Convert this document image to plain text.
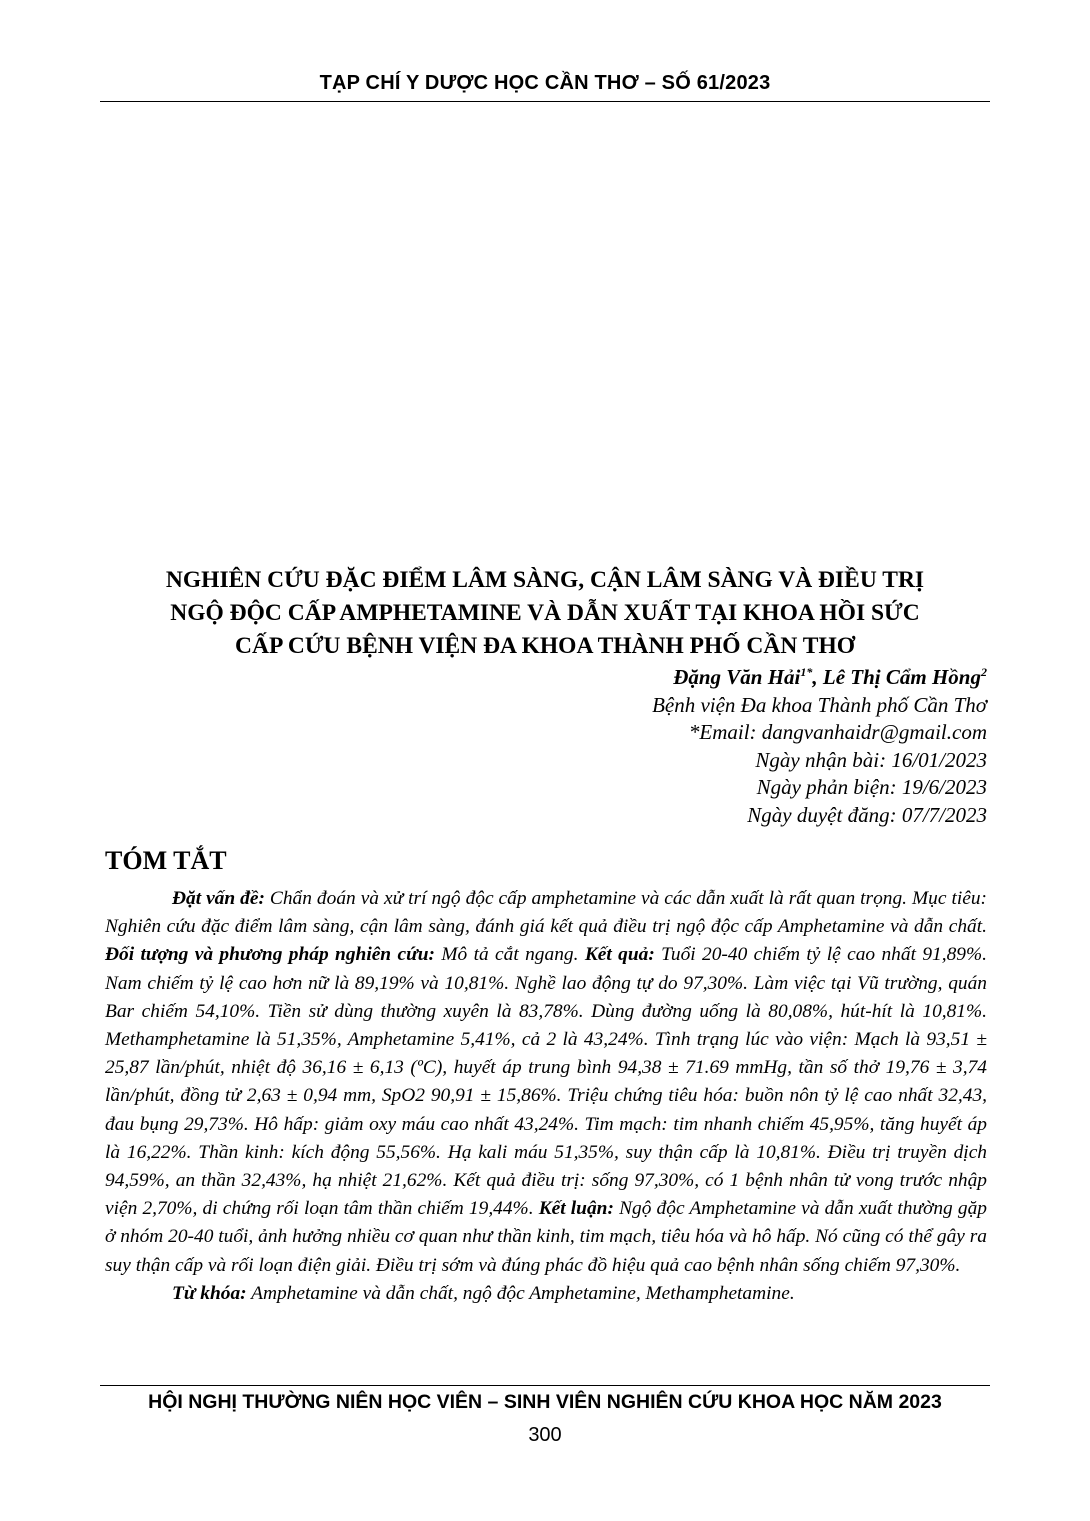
TẠP CHÍ Y DƯỢC HỌC CẦN THƠ – SỐ 61/2023
NGHIÊN CỨU ĐẶC ĐIỂM LÂM SÀNG, CẬN LÂM SÀNG VÀ ĐIỀU TRỊ
NGỘ ĐỘC CẤP AMPHETAMINE VÀ DẪN XUẤT TẠI KHOA HỒI SỨC
CẤP CỨU BỆNH VIỆN ĐA KHOA THÀNH PHỐ CẦN THƠ
Đặng Văn Hải$^{1*}$, Lê Thị Cẩm Hồng$^2$
Bệnh viện Đa khoa Thành phố Cần Thơ
*Email: dangvanhaidr@gmail.com
Ngày nhận bài: 16/01/2023
Ngày phản biện: 19/6/2023
Ngày duyệt đăng: 07/7/2023
TÓM TẮT

Đặt vấn đề: Chẩn đoán và xử trí ngộ độc cấp amphetamine và các dẫn xuất là rất quan trọng. Mục tiêu: Nghiên cứu đặc điểm lâm sàng, cận lâm sàng, đánh giá kết quả điều trị ngộ độc cấp Amphetamine và dẫn chất. Đối tượng và phương pháp nghiên cứu: Mô tả cắt ngang. Kết quả: Tuổi 20-40 chiếm tỷ lệ cao nhất 91,89%. Nam chiếm tỷ lệ cao hơn nữ là 89,19% và 10,81%. Nghề lao động tự do 97,30%. Làm việc tại Vũ trường, quán Bar chiếm 54,10%. Tiền sử dùng thường xuyên là 83,78%. Dùng đường uống là 80,08%, hút-hít là 10,81%. Methamphetamine là 51,35%, Amphetamine 5,41%, cả 2 là 43,24%. Tình trạng lúc vào viện: Mạch là 93,51 ± 25,87 lần/phút, nhiệt độ 36,16 ± 6,13 (ºC), huyết áp trung bình 94,38 ± 71.69 mmHg, tần số thở 19,76 ± 3,74 lần/phút, đồng tử 2,63 ± 0,94 mm, SpO2 90,91 ± 15,86%. Triệu chứng tiêu hóa: buồn nôn tỷ lệ cao nhất 32,43, đau bụng 29,73%. Hô hấp: giảm oxy máu cao nhất 43,24%. Tim mạch: tim nhanh chiếm 45,95%, tăng huyết áp là 16,22%. Thần kinh: kích động 55,56%. Hạ kali máu 51,35%, suy thận cấp là 10,81%. Điều trị truyền dịch 94,59%, an thần 32,43%, hạ nhiệt 21,62%. Kết quả điều trị: sống 97,30%, có 1 bệnh nhân tử vong trước nhập viện 2,70%, di chứng rối loạn tâm thần chiếm 19,44%. Kết luận: Ngộ độc Amphetamine và dẫn xuất thường gặp ở nhóm 20-40 tuổi, ảnh hưởng nhiều cơ quan như thần kinh, tim mạch, tiêu hóa và hô hấp. Nó cũng có thể gây ra suy thận cấp và rối loạn điện giải. Điều trị sớm và đúng phác đồ hiệu quả cao bệnh nhân sống chiếm 97,30%.

Từ khóa: Amphetamine và dẫn chất, ngộ độc Amphetamine, Methamphetamine.

HỘI NGHỊ THƯỜNG NIÊN HỌC VIÊN – SINH VIÊN NGHIÊN CỨU KHOA HỌC NĂM 2023
300
